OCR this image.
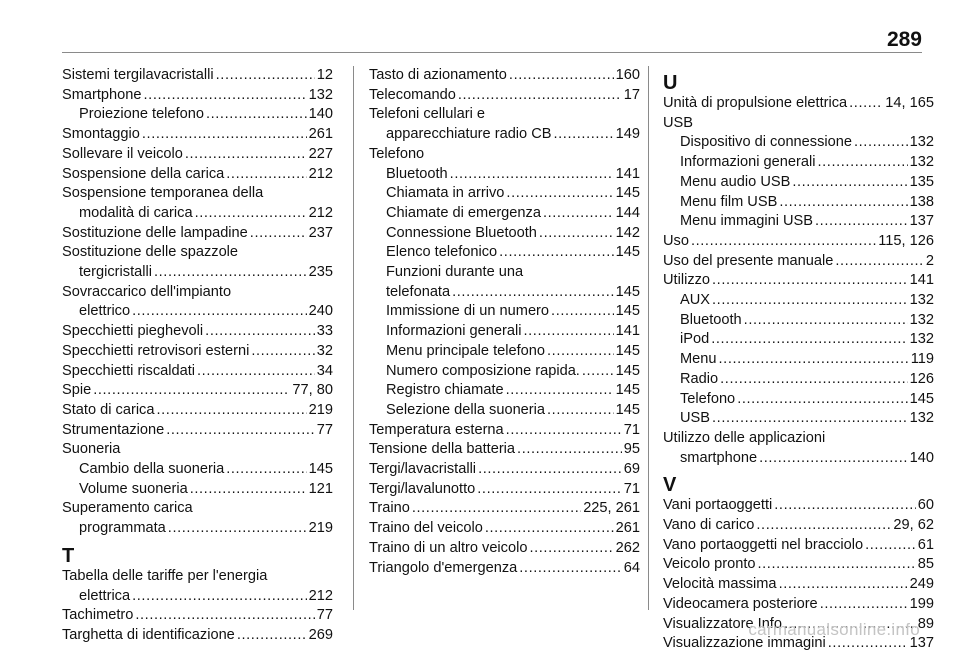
289
Sistemi tergilavacristalli .....	12
Smartphone .....	132
Proiezione telefono .....	140
Smontaggio .....	261
Sollevare il veicolo .....	227
Sospensione della carica .....	212
Sospensione temporanea della
modalità di carica .....	212
Sostituzione delle lampadine .....	237
Sostituzione delle spazzole
tergicristalli .....	235
Sovraccarico dell'impianto
elettrico .....	240
Specchietti pieghevoli .....	33
Specchietti retrovisori esterni .....	32
Specchietti riscaldati .....	34
Spie .....	77, 80
Stato di carica .....	219
Strumentazione .....	77
Suoneria
Cambio della suoneria .....	145
Volume suoneria .....	121
Superamento carica
programmata .....	219
T
Tabella delle tariffe per l'energia
elettrica .....	212
Tachimetro .....	77
Targhetta di identificazione .....	269
Tasto di azionamento .....	160
Telecomando .....	17
Telefoni cellulari e
apparecchiature radio CB .....	149
Telefono
Bluetooth .....	141
Chiamata in arrivo .....	145
Chiamate di emergenza .....	144
Connessione Bluetooth .....	142
Elenco telefonico .....	145
Funzioni durante una
telefonata .....	145
Immissione di un numero .....	145
Informazioni generali .....	141
Menu principale telefono .....	145
Numero composizione rapida. ..... 145
Registro chiamate .....	145
Selezione della suoneria .....	145
Temperatura esterna .....	71
Tensione della batteria .....	95
Tergi/lavacristalli .....	69
Tergi/lavalunotto .....	71
Traino .....	225, 261
Traino del veicolo .....	261
Traino di un altro veicolo .....	262
Triangolo d'emergenza .....	64
U
Unità di propulsione elettrica .....	14, 165
USB
Dispositivo di connessione .....	132
Informazioni generali .....	132
Menu audio USB .....	135
Menu film USB .....	138
Menu immagini USB .....	137
Uso .....	115, 126
Uso del presente manuale .....	2
Utilizzo .....	141
AUX .....	132
Bluetooth .....	132
iPod .....	132
Menu .....	119
Radio .....	126
Telefono .....	145
USB .....	132
Utilizzo delle applicazioni
smartphone .....	140
V
Vani portaoggetti .....	60
Vano di carico .....	29, 62
Vano portaoggetti nel bracciolo .....	61
Veicolo pronto .....	85
Velocità massima .....	249
Videocamera posteriore .....	199
Visualizzatore Info .....	89
Visualizzazione immagini .....	137
carmanualsonline.info
